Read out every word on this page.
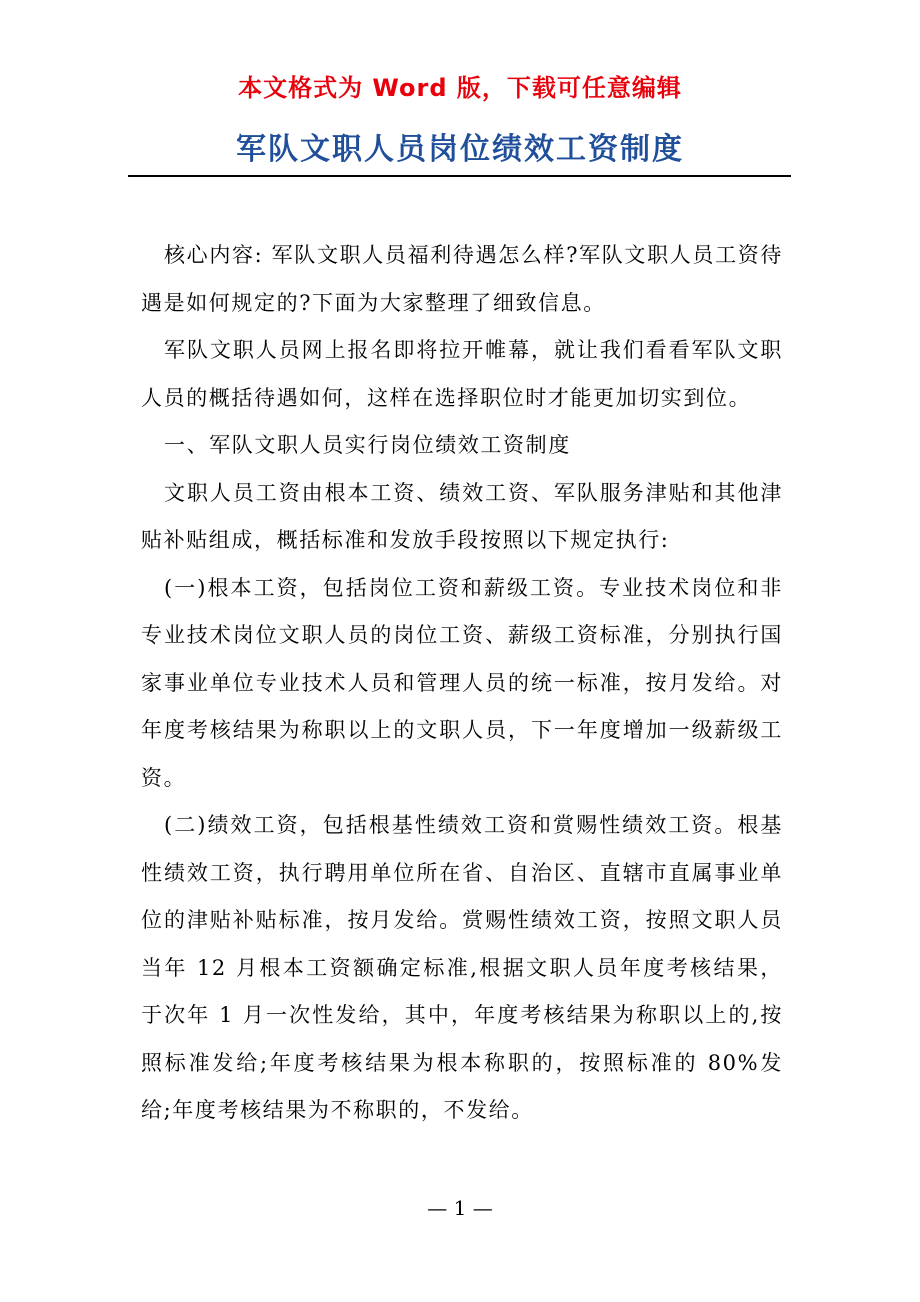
本文格式为 Word 版，下载可任意编辑
军队文职人员岗位绩效工资制度

核心内容: 军队文职人员福利待遇怎么样?军队文职人员工资待遇是如何规定的?下面为大家整理了细致信息。

军队文职人员网上报名即将拉开帷幕，就让我们看看军队文职人员的概括待遇如何，这样在选择职位时才能更加切实到位。

一、军队文职人员实行岗位绩效工资制度

文职人员工资由根本工资、绩效工资、军队服务津贴和其他津贴补贴组成，概括标准和发放手段按照以下规定执行:

(一)根本工资，包括岗位工资和薪级工资。专业技术岗位和非专业技术岗位文职人员的岗位工资、薪级工资标准，分别执行国家事业单位专业技术人员和管理人员的统一标准，按月发给。对年度考核结果为称职以上的文职人员，下一年度增加一级薪级工资。

(二)绩效工资，包括根基性绩效工资和赏赐性绩效工资。根基性绩效工资，执行聘用单位所在省、自治区、直辖市直属事业单位的津贴补贴标准，按月发给。赏赐性绩效工资，按照文职人员当年 12 月根本工资额确定标准,根据文职人员年度考核结果，于次年 1 月一次性发给，其中，年度考核结果为称职以上的,按照标准发给;年度考核结果为根本称职的，按照标准的 80%发给;年度考核结果为不称职的，不发给。

— 1 —
